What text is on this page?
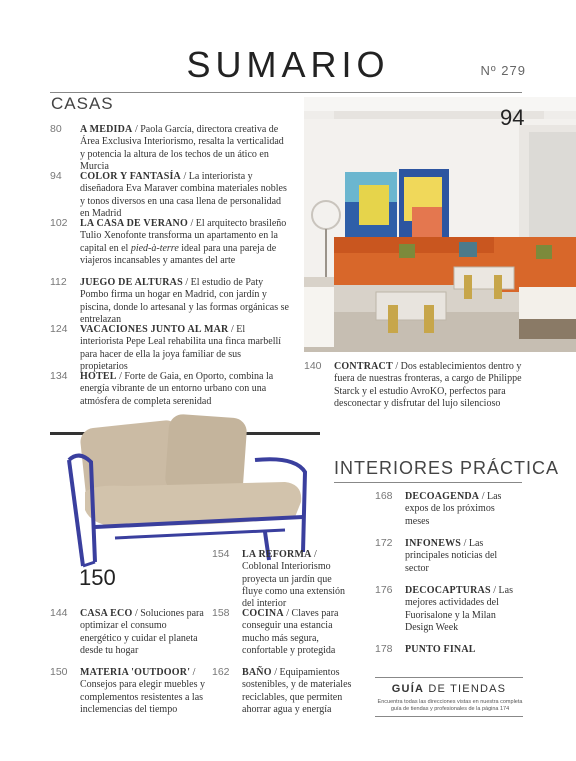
SUMARIO	Nº 279
CASAS
80 A MEDIDA / Paola García, directora creativa de Área Exclusiva Interiorismo, resalta la verticalidad y potencia la altura de los techos de un ático en Murcia
94 COLOR Y FANTASÍA / La interiorista y diseñadora Eva Maraver combina materiales nobles y tonos diversos en una casa llena de personalidad en Madrid
102 LA CASA DE VERANO / El arquitecto brasileño Tulio Xenofonte transforma un apartamento en la capital en el pied-à-terre ideal para una pareja de viajeros incansables y amantes del arte
112 JUEGO DE ALTURAS / El estudio de Paty Pombo firma un hogar en Madrid, con jardín y piscina, donde lo artesanal y las formas orgánicas se entrelazan
124 VACACIONES JUNTO AL MAR / El interiorista Pepe Leal rehabilita una finca marbellí para hacer de ella la joya familiar de sus propietarios
134 HOTEL / Forte de Gaia, en Oporto, combina la energía vibrante de un entorno urbano con una atmósfera de completa serenidad
94
140 CONTRACT / Dos establecimientos dentro y fuera de nuestras fronteras, a cargo de Philippe Starck y el estudio AvroKO, perfectos para desconectar y disfrutar del lujo silencioso
150
INTERIORES PRÁCTICA
168 DECOAGENDA / Las expos de los próximos meses
172 INFONEWS / Las principales noticias del sector
176 DECOCAPTURAS / Las mejores actividades del Fuorisalone y la Milan Design Week
178 PUNTO FINAL
144 CASA ECO / Soluciones para optimizar el consumo energético y cuidar el planeta desde tu hogar
150 MATERIA 'OUTDOOR' / Consejos para elegir muebles y complementos resistentes a las inclemencias del tiempo
154 LA REFORMA / Coblonal Interiorismo proyecta un jardín que fluye como una extensión del interior
158 COCINA / Claves para conseguir una estancia mucho más segura, confortable y protegida
162 BAÑO / Equipamientos sostenibles, y de materiales reciclables, que permiten ahorrar agua y energía
GUÍA DE TIENDAS
Encuentra todas las direcciones vistas en nuestra completa guía de tiendas y profesionales de la página 174
